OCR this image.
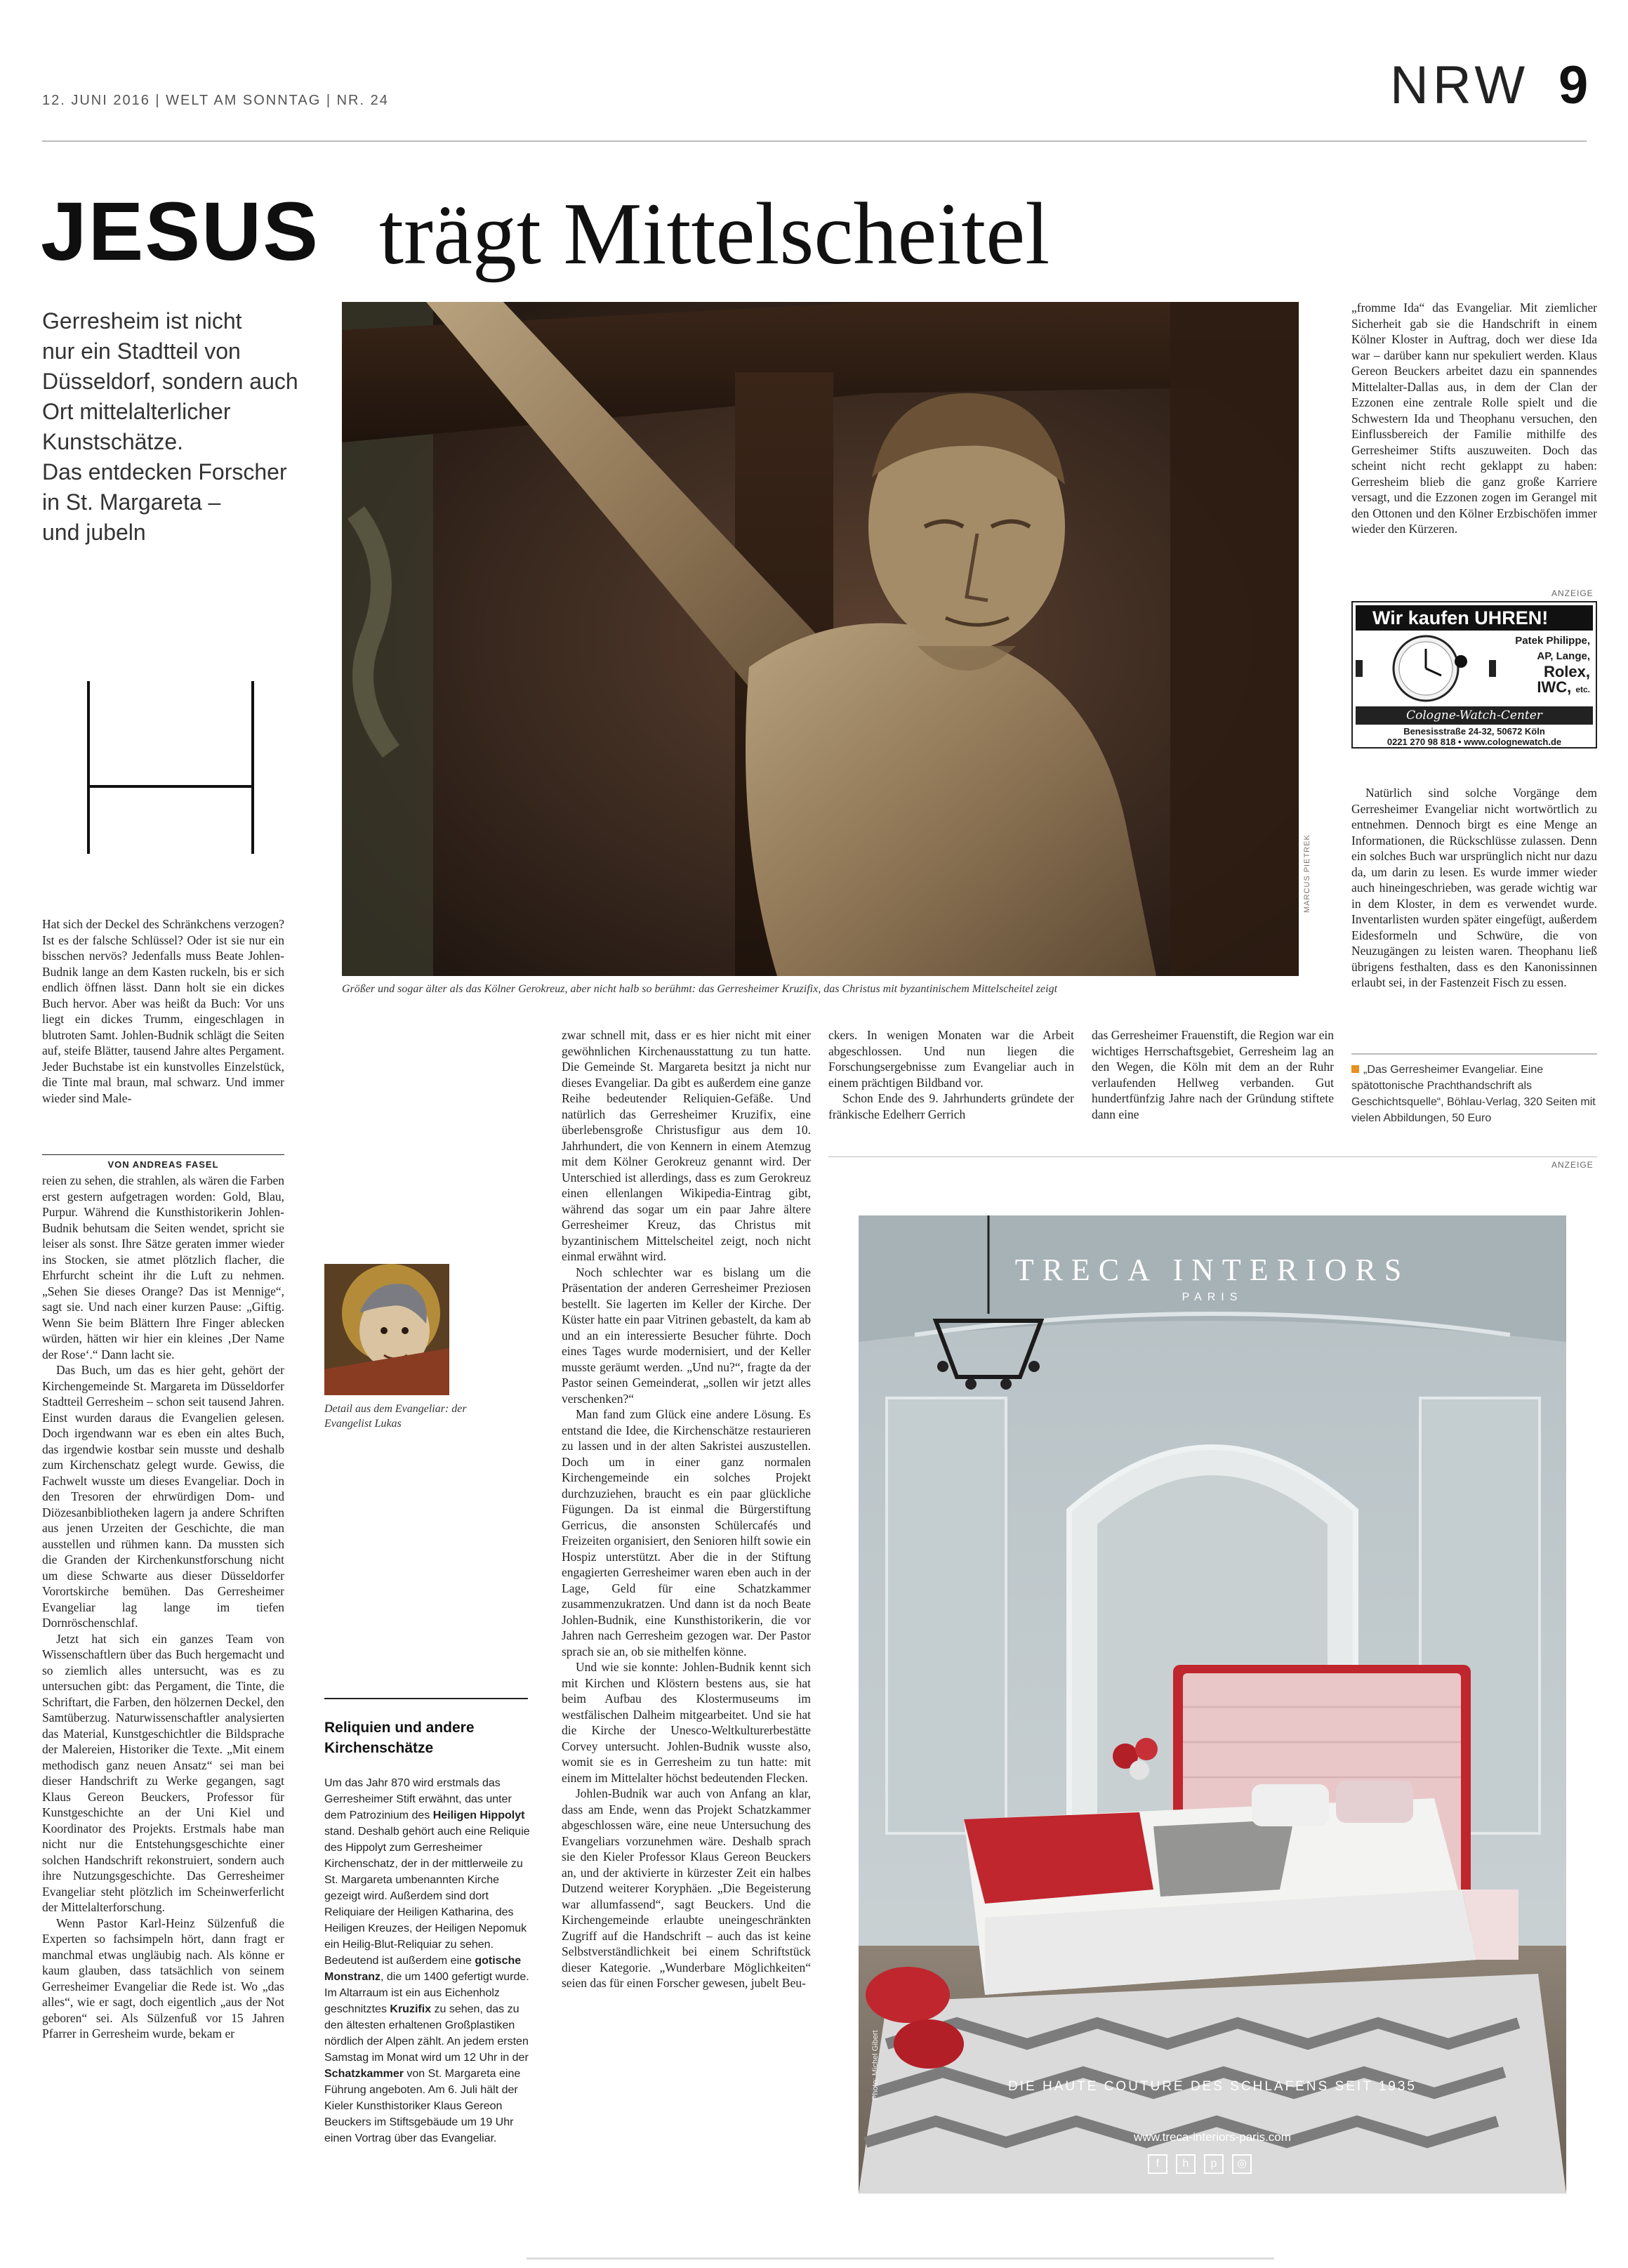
12. JUNI 2016 | WELT AM SONNTAG | NR. 24	NRW 9
JESUS trägt Mittelscheitel
Gerresheim ist nicht
nur ein Stadtteil von
Düsseldorf, sondern auch
Ort mittelalterlicher
Kunstschätze.
Das entdecken Forscher
in St. Margareta –
und jubeln
MARCUS PIETREK
Größer und sogar älter als das Kölner Gerokreuz, aber nicht halb so berühmt: das Gerresheimer Kruzifix, das Christus mit byzantinischem Mittelscheitel zeigt

Hat sich der Deckel des Schränkchens verzogen? Ist es der falsche Schlüssel? Oder ist sie nur ein bisschen nervös? Jedenfalls muss Beate Johlen-Budnik lange an dem Kasten ruckeln, bis er sich endlich öffnen lässt. Dann holt sie ein dickes Buch hervor. Aber was heißt da Buch: Vor uns liegt ein dickes Trumm, eingeschlagen in blutroten Samt. Johlen-Budnik schlägt die Seiten auf, steife Blätter, tausend Jahre altes Pergament. Jeder Buchstabe ist ein kunstvolles Einzelstück, die Tinte mal braun, mal schwarz. Und immer wieder sind Male-

VON ANDREAS FASEL

reien zu sehen, die strahlen, als wären die Farben erst gestern aufgetragen worden: Gold, Blau, Purpur. Während die Kunsthistorikerin Johlen-Budnik behutsam die Seiten wendet, spricht sie leiser als sonst. Ihre Sätze geraten immer wieder ins Stocken, sie atmet plötzlich flacher, die Ehrfurcht scheint ihr die Luft zu nehmen. „Sehen Sie dieses Orange? Das ist Mennige“, sagt sie. Und nach einer kurzen Pause: „Giftig. Wenn Sie beim Blättern Ihre Finger ablecken würden, hätten wir hier ein kleines ‚Der Name der Rose‘.“ Dann lacht sie.

Das Buch, um das es hier geht, gehört der Kirchengemeinde St. Margareta im Düsseldorfer Stadtteil Gerresheim – schon seit tausend Jahren. Einst wurden daraus die Evangelien gelesen. Doch irgendwann war es eben ein altes Buch, das irgendwie kostbar sein musste und deshalb zum Kirchenschatz gelegt wurde. Gewiss, die Fachwelt wusste um dieses Evangeliar. Doch in den Tresoren der ehrwürdigen Dom- und Diözesanbibliotheken lagern ja andere Schriften aus jenen Urzeiten der Geschichte, die man ausstellen und rühmen kann. Da mussten sich die Granden der Kirchenkunstforschung nicht um diese Schwarte aus dieser Düsseldorfer Vorortskirche bemühen. Das Gerresheimer Evangeliar lag lange im tiefen Dornröschenschlaf.

Jetzt hat sich ein ganzes Team von Wissenschaftlern über das Buch hergemacht und so ziemlich alles untersucht, was es zu untersuchen gibt: das Pergament, die Tinte, die Schriftart, die Farben, den hölzernen Deckel, den Samtüberzug. Naturwissenschaftler analysierten das Material, Kunstgeschichtler die Bildsprache der Malereien, Historiker die Texte. „Mit einem methodisch ganz neuen Ansatz“ sei man bei dieser Handschrift zu Werke gegangen, sagt Klaus Gereon Beuckers, Professor für Kunstgeschichte an der Uni Kiel und Koordinator des Projekts. Erstmals habe man nicht nur die Entstehungsgeschichte einer solchen Handschrift rekonstruiert, sondern auch ihre Nutzungsgeschichte. Das Gerresheimer Evangeliar steht plötzlich im Scheinwerferlicht der Mittelalterforschung.

Wenn Pastor Karl-Heinz Sülzenfuß die Experten so fachsimpeln hört, dann fragt er manchmal etwas ungläubig nach. Als könne er kaum glauben, dass tatsächlich von seinem Gerresheimer Evangeliar die Rede ist. Wo „das alles“, wie er sagt, doch eigentlich „aus der Not geboren“ sei. Als Sülzenfuß vor 15 Jahren Pfarrer in Gerresheim wurde, bekam er

Detail aus dem Evangeliar: der Evangelist Lukas
Reliquien und andere Kirchenschätze
Um das Jahr 870 wird erstmals das Gerresheimer Stift erwähnt, das unter dem Patrozinium des Heiligen Hippolyt stand. Deshalb gehört auch eine Reliquie des Hippolyt zum Gerresheimer Kirchenschatz, der in der mittlerweile zu St. Margareta umbenannten Kirche gezeigt wird. Außerdem sind dort Reliquiare der Heiligen Katharina, des Heiligen Kreuzes, der Heiligen Nepomuk ein Heilig-Blut-Reliquiar zu sehen. Bedeutend ist außerdem eine gotische Monstranz, die um 1400 gefertigt wurde. Im Altarraum ist ein aus Eichenholz geschnitztes Kruzifix zu sehen, das zu den ältesten erhaltenen Großplastiken nördlich der Alpen zählt. An jedem ersten Samstag im Monat wird um 12 Uhr in der Schatzkammer von St. Margareta eine Führung angeboten. Am 6. Juli hält der Kieler Kunsthistoriker Klaus Gereon Beuckers im Stiftsgebäude um 19 Uhr einen Vortrag über das Evangeliar.

zwar schnell mit, dass er es hier nicht mit einer gewöhnlichen Kirchenausstattung zu tun hatte. Die Gemeinde St. Margareta besitzt ja nicht nur dieses Evangeliar. Da gibt es außerdem eine ganze Reihe bedeutender Reliquien-Gefäße. Und natürlich das Gerresheimer Kruzifix, eine überlebensgroße Christusfigur aus dem 10. Jahrhundert, die von Kennern in einem Atemzug mit dem Kölner Gerokreuz genannt wird. Der Unterschied ist allerdings, dass es zum Gerokreuz einen ellenlangen Wikipedia-Eintrag gibt, während das sogar um ein paar Jahre ältere Gerresheimer Kreuz, das Christus mit byzantinischem Mittelscheitel zeigt, noch nicht einmal erwähnt wird.

Noch schlechter war es bislang um die Präsentation der anderen Gerresheimer Preziosen bestellt. Sie lagerten im Keller der Kirche. Der Küster hatte ein paar Vitrinen gebastelt, da kam ab und an ein interessierte Besucher führte. Doch eines Tages wurde modernisiert, und der Keller musste geräumt werden. „Und nu?“, fragte da der Pastor seinen Gemeinderat, „sollen wir jetzt alles verschenken?“

Man fand zum Glück eine andere Lösung. Es entstand die Idee, die Kirchenschätze restaurieren zu lassen und in der alten Sakristei auszustellen. Doch um in einer ganz normalen Kirchengemeinde ein solches Projekt durchzuziehen, braucht es ein paar glückliche Fügungen. Da ist einmal die Bürgerstiftung Gerricus, die ansonsten Schülercafés und Freizeiten organisiert, den Senioren hilft sowie ein Hospiz unterstützt. Aber die in der Stiftung engagierten Gerresheimer waren eben auch in der Lage, Geld für eine Schatzkammer zusammenzukratzen. Und dann ist da noch Beate Johlen-Budnik, eine Kunsthistorikerin, die vor Jahren nach Gerresheim gezogen war. Der Pastor sprach sie an, ob sie mithelfen könne.

Und wie sie konnte: Johlen-Budnik kennt sich mit Kirchen und Klöstern bestens aus, sie hat beim Aufbau des Klostermuseums im westfälischen Dalheim mitgearbeitet. Und sie hat die Kirche der Unesco-Weltkulturerbestätte Corvey untersucht. Johlen-Budnik wusste also, womit sie es in Gerresheim zu tun hatte: mit einem im Mittelalter höchst bedeutenden Flecken.

Johlen-Budnik war auch von Anfang an klar, dass am Ende, wenn das Projekt Schatzkammer abgeschlossen wäre, eine neue Untersuchung des Evangeliars vorzunehmen wäre. Deshalb sprach sie den Kieler Professor Klaus Gereon Beuckers an, und der aktivierte in kürzester Zeit ein halbes Dutzend weiterer Koryphäen. „Die Begeisterung war allumfassend“, sagt Beuckers. Und die Kirchengemeinde erlaubte uneingeschränkten Zugriff auf die Handschrift – auch das ist keine Selbstverständlichkeit bei einem Schriftstück dieser Kategorie. „Wunderbare Möglichkeiten“ seien das für einen Forscher gewesen, jubelt Beu-

ckers. In wenigen Monaten war die Arbeit abgeschlossen. Und nun liegen die Forschungsergebnisse zum Evangeliar auch in einem prächtigen Bildband vor.

Schon Ende des 9. Jahrhunderts gründete der fränkische Edelherr Gerrich

das Gerresheimer Frauenstift, die Region war ein wichtiges Herrschaftsgebiet, Gerresheim lag an den Wegen, die Köln mit dem an der Ruhr verlaufenden Hellweg verbanden. Gut hundertfünfzig Jahre nach der Gründung stiftete dann eine

„fromme Ida“ das Evangeliar. Mit ziemlicher Sicherheit gab sie die Handschrift in einem Kölner Kloster in Auftrag, doch wer diese Ida war – darüber kann nur spekuliert werden. Klaus Gereon Beuckers arbeitet dazu ein spannendes Mittelalter-Dallas aus, in dem der Clan der Ezzonen eine zentrale Rolle spielt und die Schwestern Ida und Theophanu versuchen, den Einflussbereich der Familie mithilfe des Gerresheimer Stifts auszuweiten. Doch das scheint nicht recht geklappt zu haben: Gerresheim blieb die ganz große Karriere versagt, und die Ezzonen zogen im Gerangel mit den Ottonen und den Kölner Erzbischöfen immer wieder den Kürzeren.

ANZEIGE
Wir kaufen UHREN!
Patek Philippe,
AP, Lange,
Rolex,
IWC, etc.
Cologne-Watch-Center
Benesisstraße 24-32, 50672 Köln
0221 270 98 818 • www.colognewatch.de

Natürlich sind solche Vorgänge dem Gerresheimer Evangeliar nicht wortwörtlich zu entnehmen. Dennoch birgt es eine Menge an Informationen, die Rückschlüsse zulassen. Denn ein solches Buch war ursprünglich nicht nur dazu da, um darin zu lesen. Es wurde immer wieder auch hineingeschrieben, was gerade wichtig war in dem Kloster, in dem es verwendet wurde. Inventarlisten wurden später eingefügt, außerdem Eidesformeln und Schwüre, die von Neuzugängen zu leisten waren. Theophanu ließ übrigens festhalten, dass es den Kanonissinnen erlaubt sei, in der Fastenzeit Fisch zu essen.

„Das Gerresheimer Evangeliar. Eine spätottonische Prachthandschrift als Geschichtsquelle“, Böhlau-Verlag, 320 Seiten mit vielen Abbildungen, 50 Euro
ANZEIGE
TRECA INTERIORS
PARIS
DIE HAUTE COUTURE DES SCHLAFENS SEIT 1935
www.treca-interiors-paris.com
f	h	p	◎
Photo: Michel Gibert
